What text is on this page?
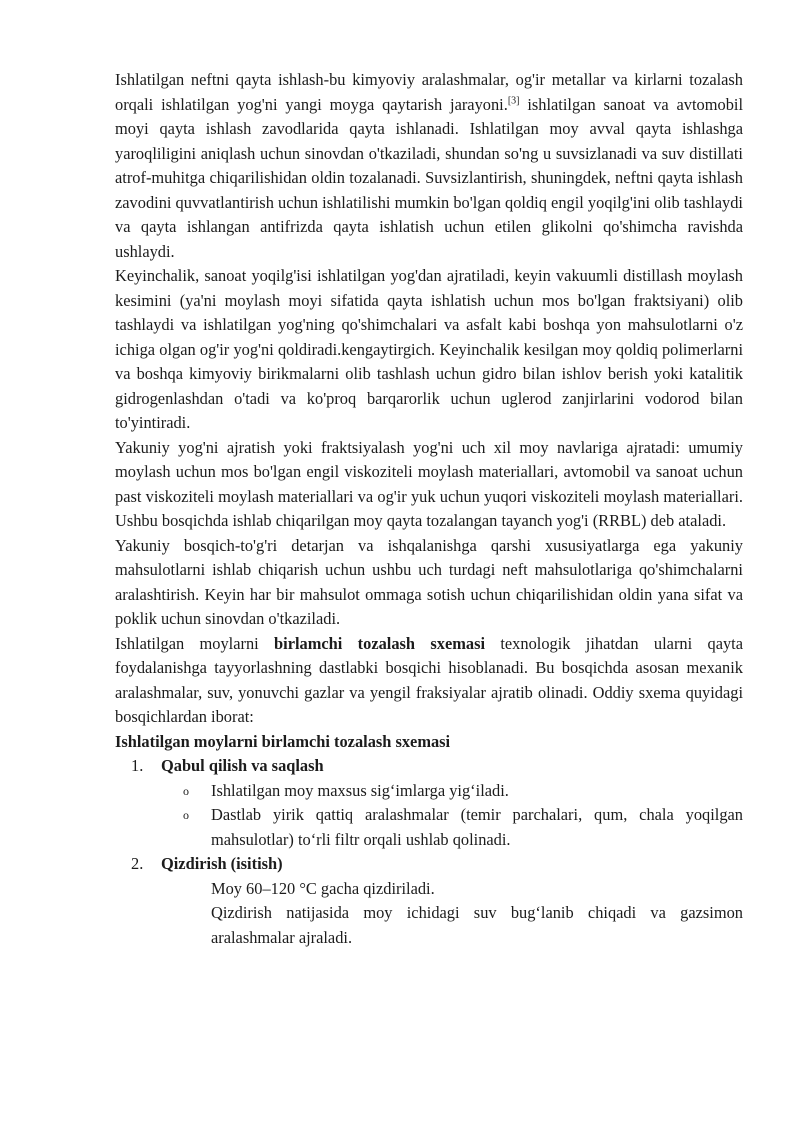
Ishlatilgan neftni qayta ishlash-bu kimyoviy aralashmalar, og'ir metallar va kirlarni tozalash orqali ishlatilgan yog'ni yangi moyga qaytarish jarayoni.[3] ishlatilgan sanoat va avtomobil moyi qayta ishlash zavodlarida qayta ishlanadi. Ishlatilgan moy avval qayta ishlashga yaroqliligini aniqlash uchun sinovdan o'tkaziladi, shundan so'ng u suvsizlanadi va suv distillati atrof-muhitga chiqarilishidan oldin tozalanadi. Suvsizlantirish, shuningdek, neftni qayta ishlash zavodini quvvatlantirish uchun ishlatilishi mumkin bo'lgan qoldiq engil yoqilg'ini olib tashlaydi va qayta ishlangan antifrizda qayta ishlatish uchun etilen glikolni qo'shimcha ravishda ushlaydi.

Keyinchalik, sanoat yoqilg'isi ishlatilgan yog'dan ajratiladi, keyin vakuumli distillash moylash kesimini (ya'ni moylash moyi sifatida qayta ishlatish uchun mos bo'lgan fraktsiyani) olib tashlaydi va ishlatilgan yog'ning qo'shimchalari va asfalt kabi boshqa yon mahsulotlarni o'z ichiga olgan og'ir yog'ni qoldiradi.kengaytirgich. Keyinchalik kesilgan moy qoldiq polimerlarni va boshqa kimyoviy birikmalarni olib tashlash uchun gidro bilan ishlov berish yoki katalitik gidrogenlashdan o'tadi va ko'proq barqarorlik uchun uglerod zanjirlarini vodorod bilan to'yintiradi.

Yakuniy yog'ni ajratish yoki fraktsiyalash yog'ni uch xil moy navlariga ajratadi: umumiy moylash uchun mos bo'lgan engil viskoziteli moylash materiallari, avtomobil va sanoat uchun past viskoziteli moylash materiallari va og'ir yuk uchun yuqori viskoziteli moylash materiallari. Ushbu bosqichda ishlab chiqarilgan moy qayta tozalangan tayanch yog'i (RRBL) deb ataladi.

Yakuniy bosqich-to'g'ri detarjan va ishqalanishga qarshi xususiyatlarga ega yakuniy mahsulotlarni ishlab chiqarish uchun ushbu uch turdagi neft mahsulotlariga qo'shimchalarni aralashtirish. Keyin har bir mahsulot ommaga sotish uchun chiqarilishidan oldin yana sifat va poklik uchun sinovdan o'tkaziladi.

Ishlatilgan moylarni birlamchi tozalash sxemasi texnologik jihatdan ularni qayta foydalanishga tayyorlashning dastlabki bosqichi hisoblanadi. Bu bosqichda asosan mexanik aralashmalar, suv, yonuvchi gazlar va yengil fraksiyalar ajratib olinadi. Oddiy sxema quyidagi bosqichlardan iborat:

Ishlatilgan moylarni birlamchi tozalash sxemasi

1.	Qabul qilish va saqlash
o	Ishlatilgan moy maxsus sig‘imlarga yig‘iladi.
o	Dastlab yirik qattiq aralashmalar (temir parchalari, qum, chala yoqilgan mahsulotlar) to‘rli filtr orqali ushlab qolinadi.
2.	Qizdirish (isitish)

Moy 60–120 °C gacha qizdiriladi.

Qizdirish natijasida moy ichidagi suv bug‘lanib chiqadi va gazsimon aralashmalar ajraladi.
